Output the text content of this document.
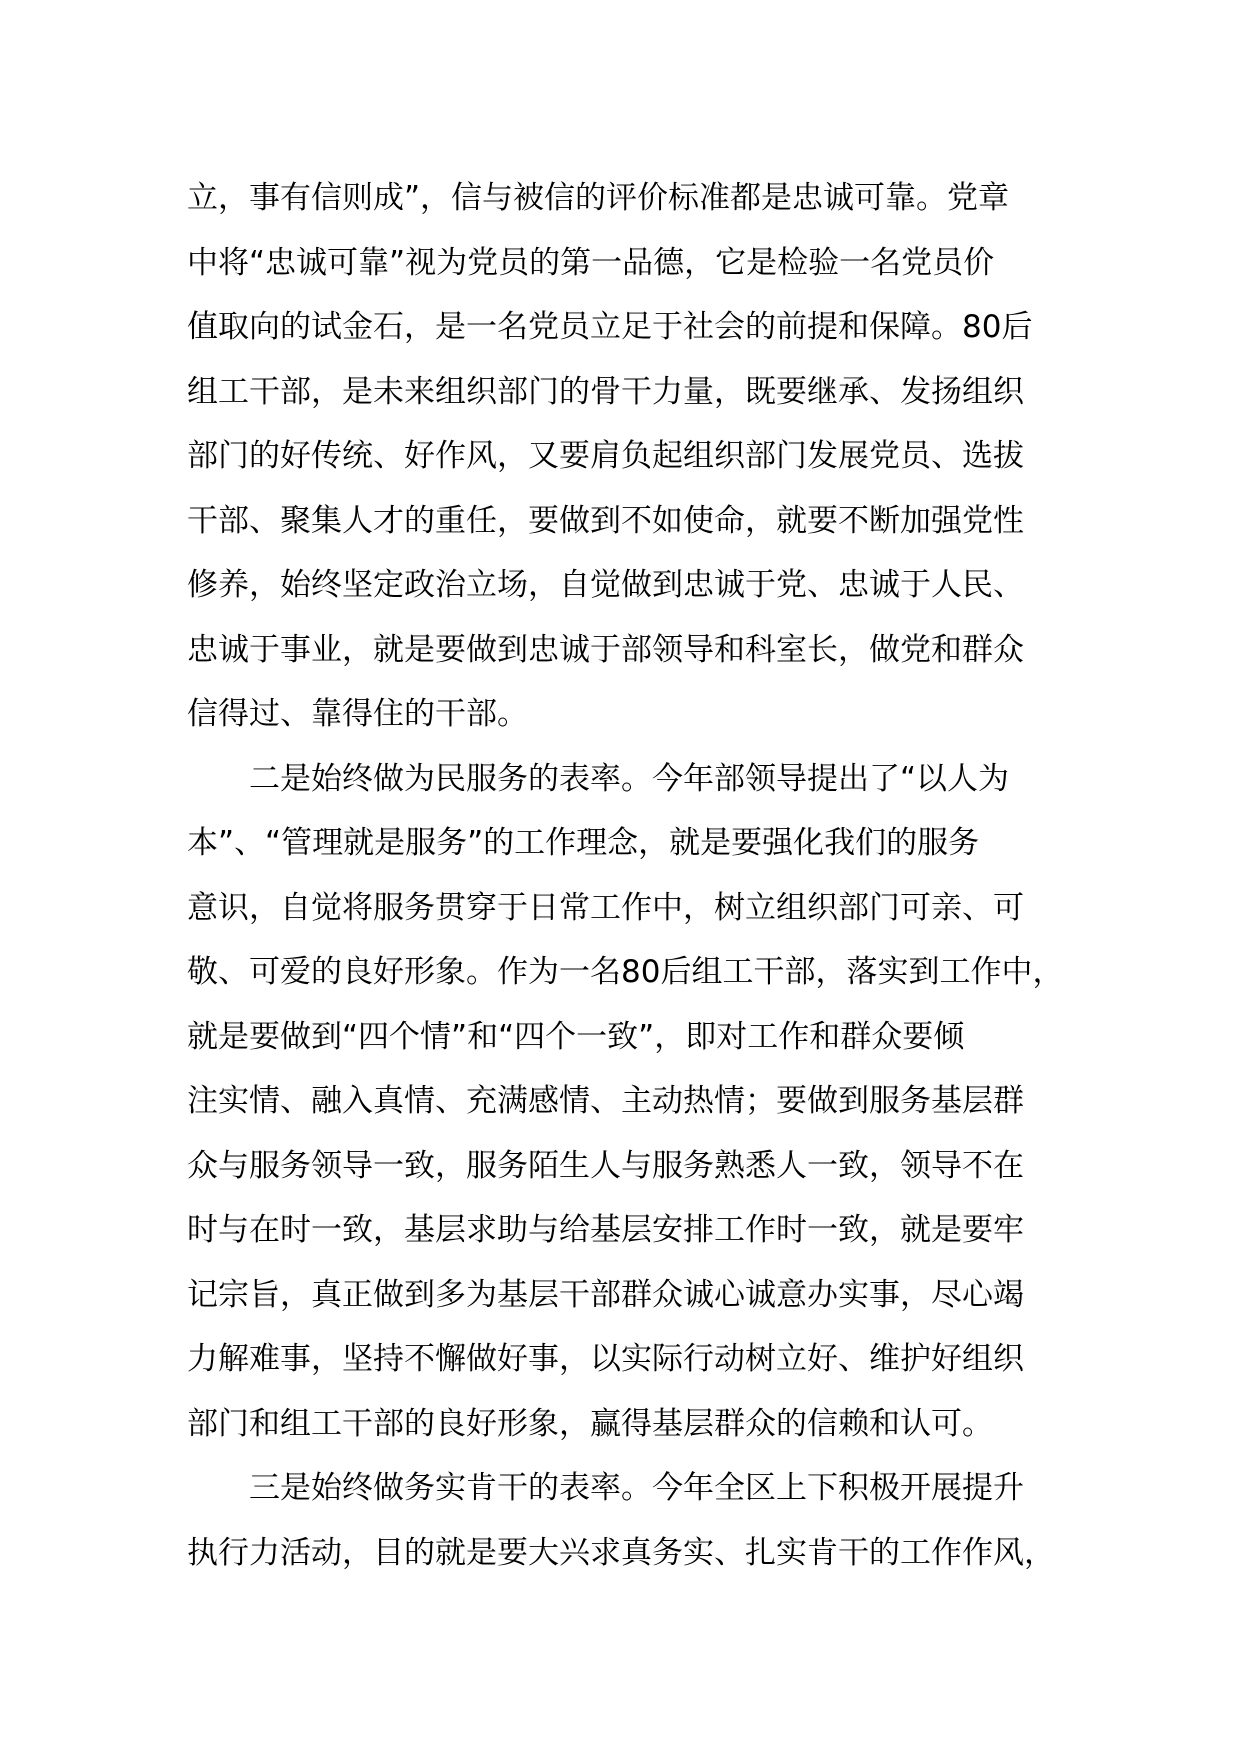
立，事有信则成”，信与被信的评价标准都是忠诚可靠。党章
中将“忠诚可靠”视为党员的第一品德，它是检验一名党员价
值取向的试金石，是一名党员立足于社会的前提和保障。80后
组工干部，是未来组织部门的骨干力量，既要继承、发扬组织
部门的好传统、好作风，又要肩负起组织部门发展党员、选拔
干部、聚集人才的重任，要做到不如使命，就要不断加强党性
修养，始终坚定政治立场，自觉做到忠诚于党、忠诚于人民、
忠诚于事业，就是要做到忠诚于部领导和科室长，做党和群众
信得过、靠得住的干部。
二是始终做为民服务的表率。今年部领导提出了“以人为
本”、“管理就是服务”的工作理念，就是要强化我们的服务
意识，自觉将服务贯穿于日常工作中，树立组织部门可亲、可
敬、可爱的良好形象。作为一名80后组工干部，落实到工作中，
就是要做到“四个情”和“四个一致”，即对工作和群众要倾
注实情、融入真情、充满感情、主动热情；要做到服务基层群
众与服务领导一致，服务陌生人与服务熟悉人一致，领导不在
时与在时一致，基层求助与给基层安排工作时一致，就是要牢
记宗旨，真正做到多为基层干部群众诚心诚意办实事，尽心竭
力解难事，坚持不懈做好事，以实际行动树立好、维护好组织
部门和组工干部的良好形象，赢得基层群众的信赖和认可。
三是始终做务实肯干的表率。今年全区上下积极开展提升
执行力活动，目的就是要大兴求真务实、扎实肯干的工作作风，
